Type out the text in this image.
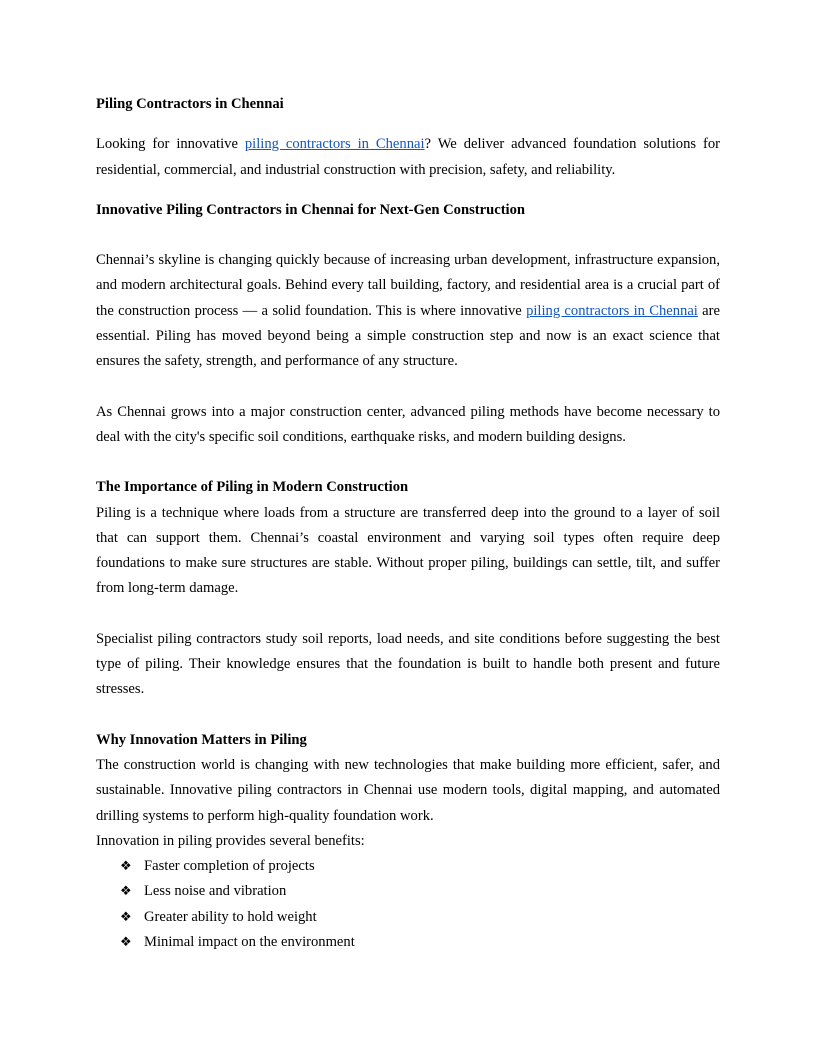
Piling Contractors in Chennai

Looking for innovative piling contractors in Chennai? We deliver advanced foundation solutions for residential, commercial, and industrial construction with precision, safety, and reliability.

Innovative Piling Contractors in Chennai for Next-Gen Construction

Chennai’s skyline is changing quickly because of increasing urban development, infrastructure expansion, and modern architectural goals. Behind every tall building, factory, and residential area is a crucial part of the construction process — a solid foundation. This is where innovative piling contractors in Chennai are essential. Piling has moved beyond being a simple construction step and now is an exact science that ensures the safety, strength, and performance of any structure.

As Chennai grows into a major construction center, advanced piling methods have become necessary to deal with the city's specific soil conditions, earthquake risks, and modern building designs.

The Importance of Piling in Modern Construction

Piling is a technique where loads from a structure are transferred deep into the ground to a layer of soil that can support them. Chennai’s coastal environment and varying soil types often require deep foundations to make sure structures are stable. Without proper piling, buildings can settle, tilt, and suffer from long-term damage.

Specialist piling contractors study soil reports, load needs, and site conditions before suggesting the best type of piling. Their knowledge ensures that the foundation is built to handle both present and future stresses.

Why Innovation Matters in Piling

The construction world is changing with new technologies that make building more efficient, safer, and sustainable. Innovative piling contractors in Chennai use modern tools, digital mapping, and automated drilling systems to perform high-quality foundation work.

Innovation in piling provides several benefits:

❖ Faster completion of projects
❖ Less noise and vibration
❖ Greater ability to hold weight
❖ Minimal impact on the environment
